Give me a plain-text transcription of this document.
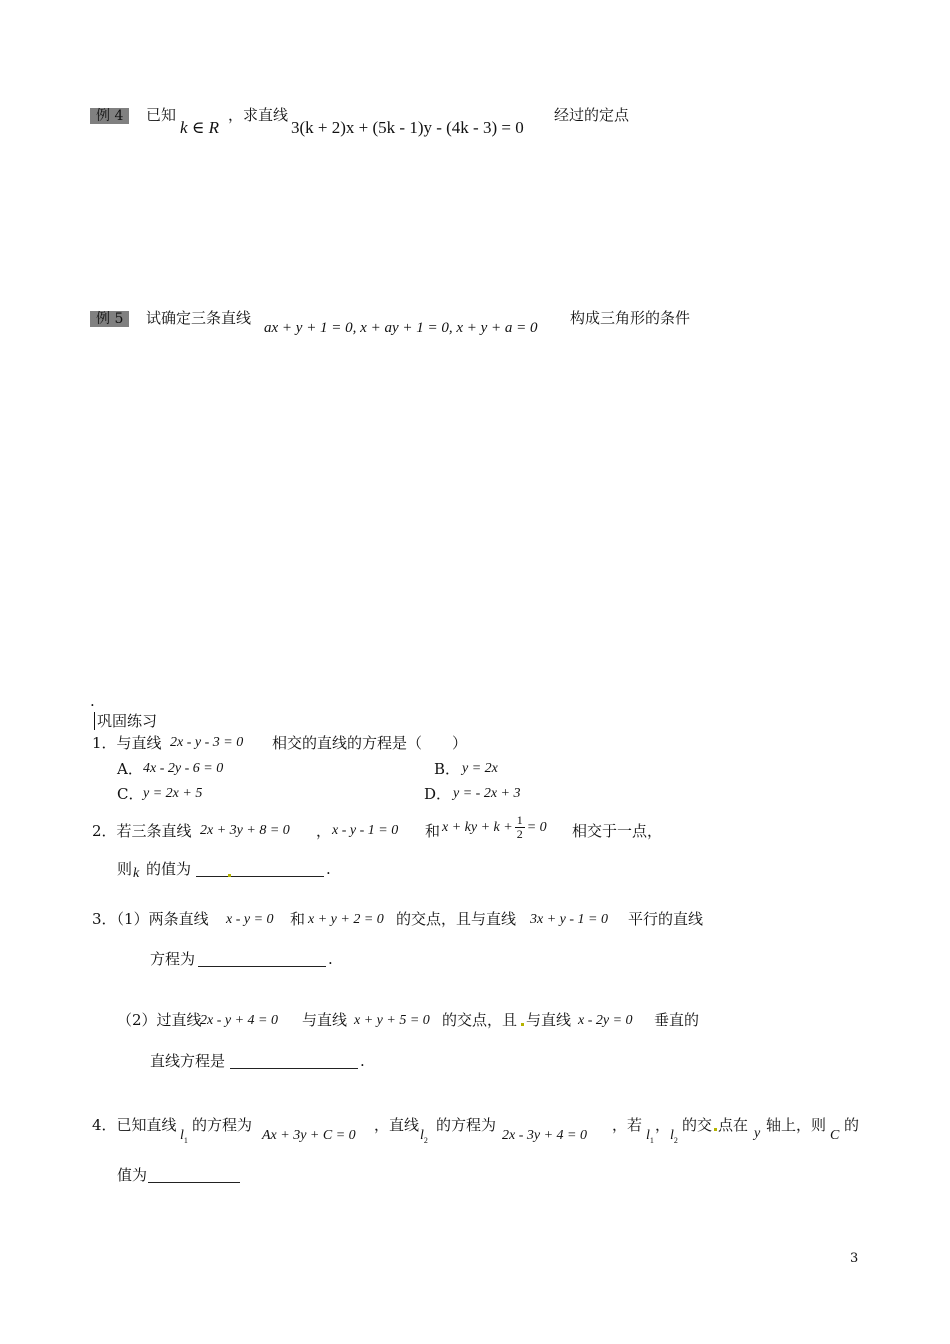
例 4	已知
k ∈ R
，求直线
3(k + 2)x + (5k - 1)y - (4k - 3) = 0
经过的定点
例 5	试确定三条直线
ax + y + 1 = 0, x + ay + 1 = 0, x + y + a = 0
构成三角形的条件
.
巩固练习
1．与直线 2x - y - 3 = 0 相交的直线的方程是（　　）
A． 4x - 2y - 6 = 0	B． y = 2x
C． y = 2x + 5	D． y = - 2x + 3
2．若三条直线 2x + 3y + 8 = 0 ， x - y - 1 = 0 和 x + ky + $k + \frac{1}{2} = 0$ 相交于一点，
则 k 的值为	.
3．（1）两条直线 x - y = 0 和 x + y + 2 = 0 的交点，且与直线 3x + y - 1 = 0 平行的直线
方程为	.
（2）过直线
2x - y + 4 = 0 与直线 x + y + 5 = 0 的交点，且 与直线 x - 2y = 0 垂直的
直线方程是	.
4．已知直线
$l_1$
的方程为
Ax + 3y + C = 0
，直线
$l_2$
的方程为
2x - 3y + 4 = 0
，若
$l_1$
，
$l_2$
的交 点在 y 轴上，则
C
的
值为
3
